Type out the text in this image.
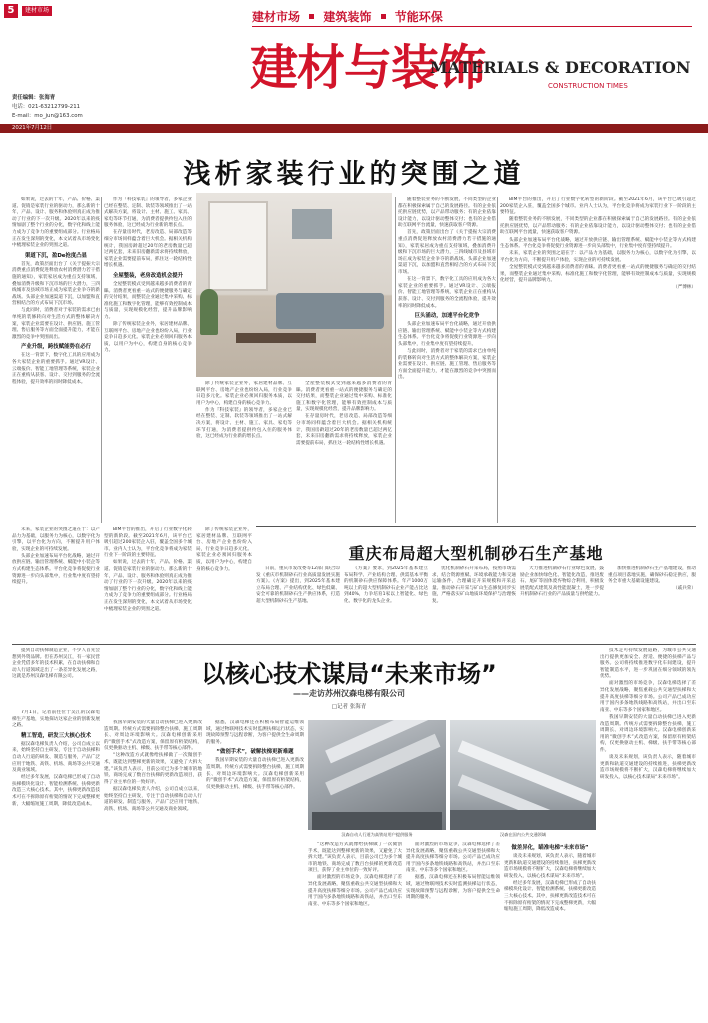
5	建材市场	建材市场 建筑装饰 节能环保
建材与装饰
MATERIALS & DECORATION
CONSTRUCTION TIMES
责任编辑：张海青
电话：021-63212799-211
E-mail：mo_jun@163.com
2021年7月12日
浅析家装行业的突围之道

如果说，过去的十年，产品、价格、渠道、促销是家装行业的驱动力，那么新的十年，产品、设计、服务和体验则真正成为推动了行业的下一次升级。2020年以来的疫情加剧了整个行业的分化，数字化和线上能力成为了竞争力的重要组成部分。行业格局正在发生深刻的变化，本文试着从市场变化中梳理家装企业的突围之道。

渠道下沉，盈De抢度凸显

首先，政策层面出台了《关于提振大宗消费重点消费促进释放农村消费潜力若干措施的通知》，家装家居成为重点支持领域，叠加消费升级和下沉市场的巨大潜力，三四线城市及县域市场正成为家装企业争夺的新战场。头部企业加速渠道下沉，以加盟和直营相结合的方式布局下沉市场。

与此同时，消费者对于家装的需求已由单纯的装修转向对生活方式的整体解决方案，家装企业需要在设计、供应链、施工管理、售后服务等方面全面提升能力，才能在激烈的竞争中突围而出。

产业升级，跨技赋能势在必行

在这一背景下，数字化工具的应用成为各大家装企业的重要抓手。通过VR设计、云端报价、智能工地管理等系统，家装企业正在重构从获客、设计、交付到服务的全流程体验，提升效率的同时降低成本。

作为『科技家装』的领导者，多家企业已经在整装、定制、软装等领域推出了一站式解决方案，将设计、主材、施工、家具、家电等环节打通，为消费者提供拎包入住的服务体验，这已经成为行业新的增长点。

在存量房时代，老房改造、局部改造等细分市场同样蕴含着巨大机会。据相关机构统计，我国房龄超过20年的老房数量已超过两亿套，未来旧房翻新需求将持续释放，家装企业需要提前布局，抓住这一轮结构性增长机遇。

全屋整装，老房改造机会提升

全屋整装模式受到越来越多消费者的青睐。消费者更看重一站式的便捷服务与确定的交付结果，而整装企业通过集中采购、标准化施工和数字化管理，能够有效控制成本与质量，实现规模化经营，提升品牌影响力。

除了传统家装企业外，家居建材品牌、互联网平台、房地产企业也纷纷入局，行业竞争日趋多元化。家装企业必须回归服务本质，以用户为中心，构建自身的核心竞争力。

除了传统家装企业外，家居建材品牌、互联网平台、房地产企业也纷纷入局，行业竞争日趋多元化。家装企业必须回归服务本质，以用户为中心，构建自身的核心竞争力。

作为『科技家装』的领导者，多家企业已经在整装、定制、软装等领域推出了一站式解决方案，将设计、主材、施工、家具、家电等环节打通，为消费者提供拎包入住的服务体验，这已经成为行业新的增长点。

全屋整装模式受到越来越多消费者的青睐。消费者更看重一站式的便捷服务与确定的交付结果，而整装企业通过集中采购、标准化施工和数字化管理，能够有效控制成本与质量，实现规模化经营，提升品牌影响力。

在存量房时代，老房改造、局部改造等细分市场同样蕴含着巨大机会。据相关机构统计，我国房龄超过20年的老房数量已超过两亿套，未来旧房翻新需求将持续释放，家装企业需要提前布局，抓住这一轮结构性增长机遇。

随着整装业务的不断发展，不同类型的企业都在积极探索属于自己的发展路径。有的企业依托供应链优势，以产品带动服务；有的企业依靠设计能力，以设计驱动整体交付；也有的企业借助互联网平台流量，快速获取客户资源。

首先，政策层面出台了《关于提振大宗消费重点消费促进释放农村消费潜力若干措施的通知》，家装家居成为重点支持领域，叠加消费升级和下沉市场的巨大潜力，三四线城市及县域市场正成为家装企业争夺的新战场。头部企业加速渠道下沉，以加盟和直营相结合的方式布局下沉市场。

在这一背景下，数字化工具的应用成为各大家装企业的重要抓手。通过VR设计、云端报价、智能工地管理等系统，家装企业正在重构从获客、设计、交付到服务的全流程体验，提升效率的同时降低成本。

巨头涌动，加速平台化竞争

头部企业加速布局平台化战略，通过开放供应链、输出管理系统、赋能中小装企等方式构建生态体系。平台化竞争将促使行业资源进一步向头部集中，行业集中度有望持续提升。

与此同时，消费者对于家装的需求已由单纯的装修转向对生活方式的整体解决方案，家装企业需要在设计、供应链、施工管理、售后服务等方面全面提升能力，才能在激烈的竞争中突围而出。

BIM平台的推出，开启了行业数字化转型的新阶段。截至2021年6月，该平台已吸引超过200家装企入驻，覆盖全国多个城市。业内人士认为，平台化竞争将成为家装行业下一阶段的主要特征。

随着整装业务的不断发展，不同类型的企业都在积极探索属于自己的发展路径。有的企业依托供应链优势，以产品带动服务；有的企业依靠设计能力，以设计驱动整体交付；也有的企业借助互联网平台流量，快速获取客户资源。

头部企业加速布局平台化战略，通过开放供应链、输出管理系统、赋能中小装企等方式构建生态体系。平台化竞争将促使行业资源进一步向头部集中，行业集中度有望持续提升。

未来，家装企业的突围之道在于：以产品力为基础，以服务力为核心，以数字化为引擎，以平台化为方向，不断提升用户体验，实现企业的可持续发展。

全屋整装模式受到越来越多消费者的青睐。消费者更看重一站式的便捷服务与确定的交付结果，而整装企业通过集中采购、标准化施工和数字化管理，能够有效控制成本与质量，实现规模化经营，提升品牌影响力。

（严博林）

重庆布局超大型机制砂石生产基地

未来，家装企业的突围之道在于：以产品力为基础，以服务力为核心，以数字化为引擎，以平台化为方向，不断提升用户体验，实现企业的可持续发展。

头部企业加速布局平台化战略，通过开放供应链、输出管理系统、赋能中小装企等方式构建生态体系。平台化竞争将促使行业资源进一步向头部集中，行业集中度有望持续提升。

BIM平台的推出，开启了行业数字化转型的新阶段。截至2021年6月，该平台已吸引超过200家装企入驻，覆盖全国多个城市。业内人士认为，平台化竞争将成为家装行业下一阶段的主要特征。

如果说，过去的十年，产品、价格、渠道、促销是家装行业的驱动力，那么新的十年，产品、设计、服务和体验则真正成为推动了行业的下一次升级。2020年以来的疫情加剧了整个行业的分化，数字化和线上能力成为了竞争力的重要组成部分。行业格局正在发生深刻的变化，本文试着从市场变化中梳理家装企业的突围之道。

除了传统家装企业外，家居建材品牌、互联网平台、房地产企业也纷纷入局，行业竞争日趋多元化。家装企业必须回归服务本质，以用户为中心，构建自身的核心竞争力。	日前，重庆市发改委等12部门联合印发《重庆市机制砂石行业高质量发展实施方案》。《方案》提出，到2025年基本建立布局合理、产业结构优化、绿色低碳、安全可靠的机制砂石生产供应体系，打造超大型机制砂石生产基地。

《方案》要求，到2025年基本建立布局科学、产业结构合理、供需基本平衡的机制砂石供应保障体系。年产1000万吨以上的超大型机制砂石企业产能占比达到40%，力争培育1家以上智能化、绿色化、数字化的龙头企业。

优化机制砂石开采布局，按照市场需求，结合资源禀赋、环境承载能力和交通运输条件，合理确定开采规模和开采总量。推动砂石开采与矿山生态修复同步实施，严格落实矿山地质环境保护与治理恢复。

大力推进机制砂石行业绿色发展，鼓励企业加快绿色化、智能化改造，推进废石、尾矿等固体废弃物综合利用，积极发展装配式建筑及高性能混凝土，进一步提升机制砂石行业的产品质量与供给能力。

加快推进机制砂石生产基地建设，推动重点项目落地实施，确保砂石稳定供应，服务全市重大基础设施建设。

（戚兵荣）

提到自动扶梯制造企业，不少人首先会想到外资品牌。但在苏州吴江，有一家民营企业凭借多年的技术积累，在自动扶梯和自动人行道领域走出了一条差异化发展之路，这就是苏州汉森电梯有限公司。	以核心技术谋局“未来市场”
——走访苏州汉森电梯有限公司
□记者 张海青

7月1日，记者前往位于吴江的汉森电梯生产基地，实地探访这家企业的创新发展之路。

精工智造，研发三大核心技术

据汉森电梯负责人介绍，公司自成立以来，始终坚持自主研发，专注于自动扶梯和自动人行道的研发、制造与服务，产品广泛应用于地铁、高铁、机场、商场等公共交通及商业领域。

经过多年发展，汉森电梯已形成了自动扶梯模块化设计、智能检测系统、扶梯更新改造三大核心技术。其中，扶梯更新改造技术可在不拆除原有桁架的情况下完成整梯更新，大幅缩短施工周期，降低改造成本。

我国早期安装的大量自动扶梯已进入更新改造周期。传统方式需要拆除整台扶梯，施工周期长、对周边环境影响大。汉森电梯创新采用的“微创手术”式改造方案，保留原有桁架结构，仅更换驱动主机、梯级、扶手带等核心部件。

“这种改造方式就像给扶梯做了一次微创手术，既能达到整梯更新的效果，又避免了大拆大建。”该负责人表示，目前公司已为多个城市的地铁、商场完成了数百台扶梯的更新改造项目，获得了业主单位的一致好评。

据汉森电梯负责人介绍，公司自成立以来，始终坚持自主研发，专注于自动扶梯和自动人行道的研发、制造与服务，产品广泛应用于地铁、高铁、机场、商场等公共交通及商业领域。

据悉，汉森电梯还在积极布局智能运维领域，通过物联网技术实时监测扶梯运行状态，实现故障预警与远程诊断，为客户提供全生命周期的服务。

“做创手术”，破解扶梯更新难题

我国早期安装的大量自动扶梯已进入更新改造周期。传统方式需要拆除整台扶梯，施工周期长、对周边环境影响大。汉森电梯创新采用的“微创手术”式改造方案，保留原有桁架结构，仅更换驱动主机、梯级、扶手带等核心部件。

汉森自动人行道为高铁站用户提供服务	汉森在国内公共交通领域

“这种改造方式就像给扶梯做了一次微创手术，既能达到整梯更新的效果，又避免了大拆大建。”该负责人表示，目前公司已为多个城市的地铁、商场完成了数百台扶梯的更新改造项目，获得了业主单位的一致好评。

面对激烈的市场竞争，汉森电梯选择了差异化发展战略，聚焦重载公共交通型扶梯和大提升高度扶梯等细分市场。公司产品已成功应用于国内多条地铁线路和高铁站，并出口至东南亚、中东等多个国家和地区。

面对激烈的市场竞争，汉森电梯选择了差异化发展战略，聚焦重载公共交通型扶梯和大提升高度扶梯等细分市场。公司产品已成功应用于国内多条地铁线路和高铁站，并出口至东南亚、中东等多个国家和地区。

据悉，汉森电梯还在积极布局智能运维领域，通过物联网技术实时监测扶梯运行状态，实现故障预警与远程诊断，为客户提供全生命周期的服务。

做差异化，瞄准电梯“未来市场”

谈及未来规划，该负责人表示，随着城市更新和轨道交通建设的持续推进，扶梯更新改造市场规模将不断扩大，汉森电梯将继续加大研发投入，以核心技术谋局“未来市场”。

经过多年发展，汉森电梯已形成了自动扶梯模块化设计、智能检测系统、扶梯更新改造三大核心技术。其中，扶梯更新改造技术可在不拆除原有桁架的情况下完成整梯更新，大幅缩短施工周期，降低改造成本。

技术走可持续发展道路，为城市公共交通出行提供更加安全、舒适、便捷的扶梯产品与服务。公司将持续推进数字化车间建设，提升智能制造水平，进一步巩固在细分领域的领先优势。

面对激烈的市场竞争，汉森电梯选择了差异化发展战略，聚焦重载公共交通型扶梯和大提升高度扶梯等细分市场。公司产品已成功应用于国内多条地铁线路和高铁站，并出口至东南亚、中东等多个国家和地区。

我国早期安装的大量自动扶梯已进入更新改造周期。传统方式需要拆除整台扶梯，施工周期长、对周边环境影响大。汉森电梯创新采用的“微创手术”式改造方案，保留原有桁架结构，仅更换驱动主机、梯级、扶手带等核心部件。

谈及未来规划，该负责人表示，随着城市更新和轨道交通建设的持续推进，扶梯更新改造市场规模将不断扩大，汉森电梯将继续加大研发投入，以核心技术谋局“未来市场”。
